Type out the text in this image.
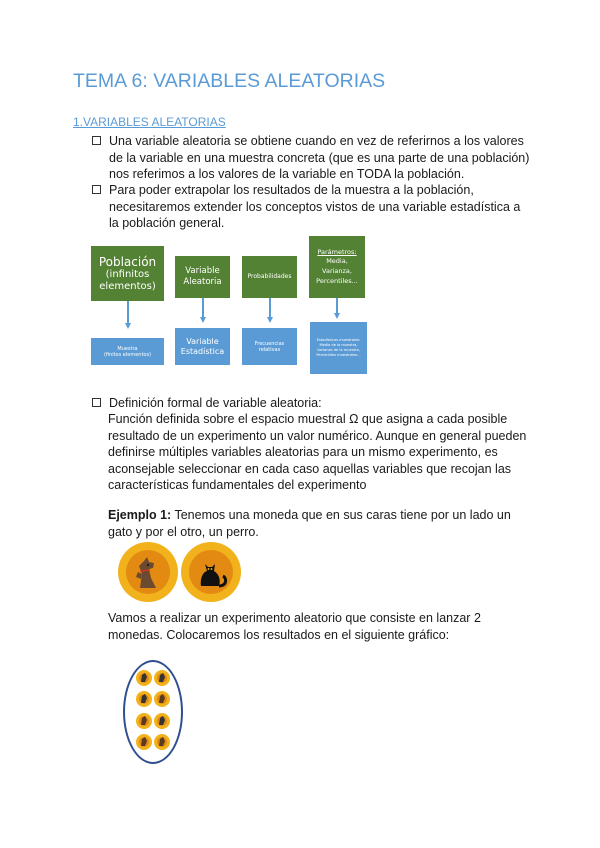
TEMA 6: VARIABLES ALEATORIAS
1.VARIABLES ALEATORIAS
Una variable aleatoria se obtiene cuando en vez de referirnos a los valores de la variable en una muestra concreta (que es una parte de una población) nos referimos a los valores de la variable en TODA la población.
Para poder extrapolar los resultados de la muestra a la población, necesitaremos extender los conceptos vistos de una variable estadística a la población general.
Población
(infinitos elementos)
Variable Aleatoria
Probabilidades
Parámetros:
Media, Varianza, Percentiles...
Muestra
(finitos elementos)
Variable Estadística
Frecuencias relativas
Estadísticos muestrales: Media de la muestra, Varianza de la muestra, Percentiles muestrales...
Definición formal de variable aleatoria:
Función definida sobre el espacio muestral Ω que asigna a cada posible resultado de un experimento un valor numérico. Aunque en general pueden definirse múltiples variables aleatorias para un mismo experimento, es aconsejable seleccionar en cada caso aquellas variables que recojan las características fundamentales del experimento
Ejemplo 1: Tenemos una moneda que en sus caras tiene por un lado un gato y por el otro, un perro.
Vamos a realizar un experimento aleatorio que consiste en lanzar 2 monedas. Colocaremos los resultados en el siguiente gráfico:
